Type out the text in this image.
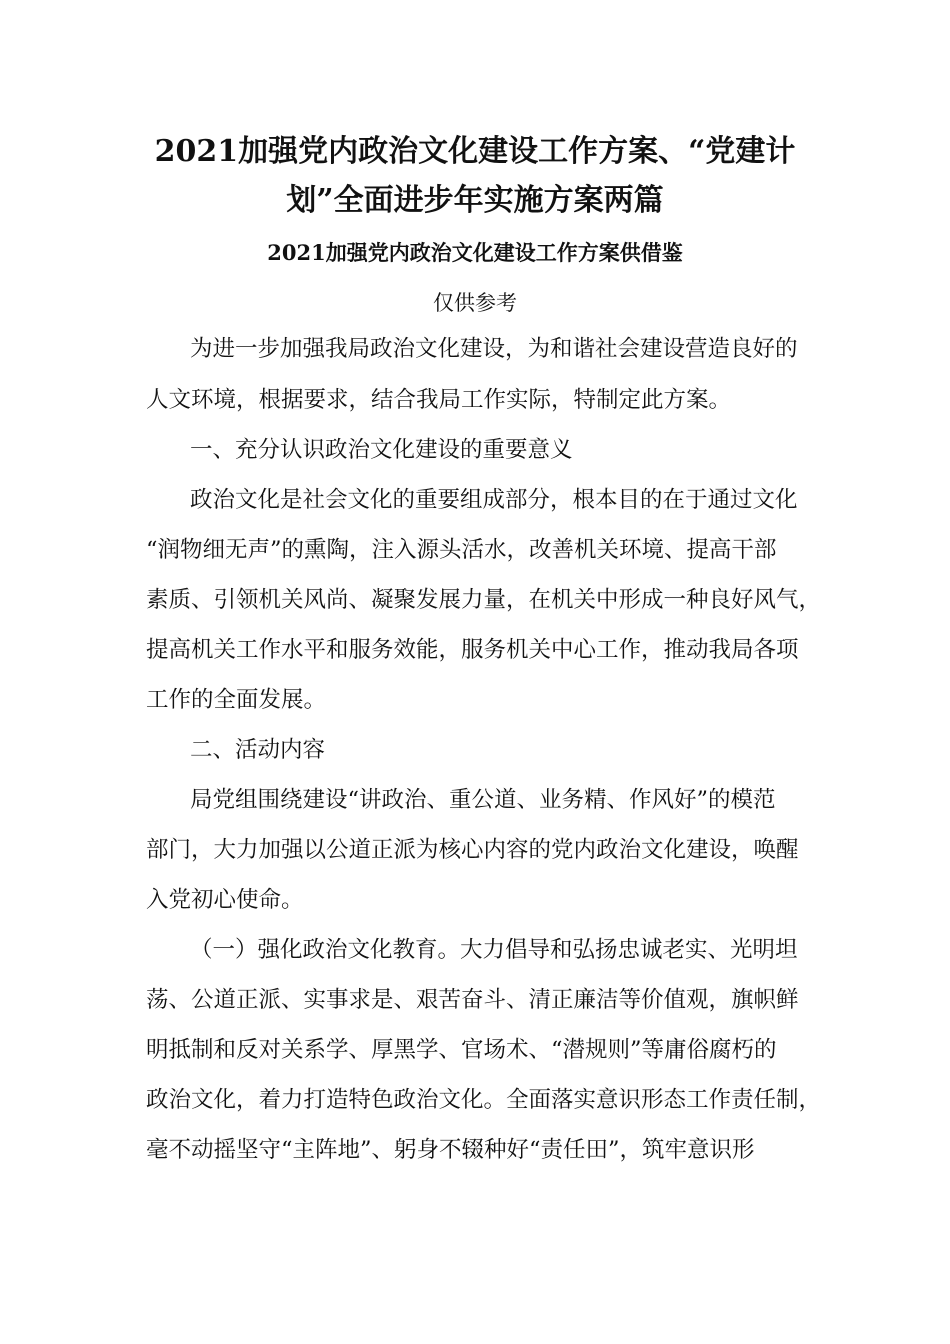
2021加强党内政治文化建设工作方案、“党建计
划”全面进步年实施方案两篇
2021加强党内政治文化建设工作方案供借鉴
仅供参考
为进一步加强我局政治文化建设，为和谐社会建设营造良好的
人文环境，根据要求，结合我局工作实际，特制定此方案。
一、充分认识政治文化建设的重要意义
政治文化是社会文化的重要组成部分，根本目的在于通过文化
“润物细无声”的熏陶，注入源头活水，改善机关环境、提高干部
素质、引领机关风尚、凝聚发展力量，在机关中形成一种良好风气，
提高机关工作水平和服务效能，服务机关中心工作，推动我局各项
工作的全面发展。
二、活动内容
局党组围绕建设“讲政治、重公道、业务精、作风好”的模范
部门，大力加强以公道正派为核心内容的党内政治文化建设，唤醒
入党初心使命。
（一）强化政治文化教育。大力倡导和弘扬忠诚老实、光明坦
荡、公道正派、实事求是、艰苦奋斗、清正廉洁等价值观，旗帜鲜
明抵制和反对关系学、厚黑学、官场术、“潜规则”等庸俗腐朽的
政治文化，着力打造特色政治文化。全面落实意识形态工作责任制，
毫不动摇坚守“主阵地”、躬身不辍种好“责任田”，筑牢意识形
